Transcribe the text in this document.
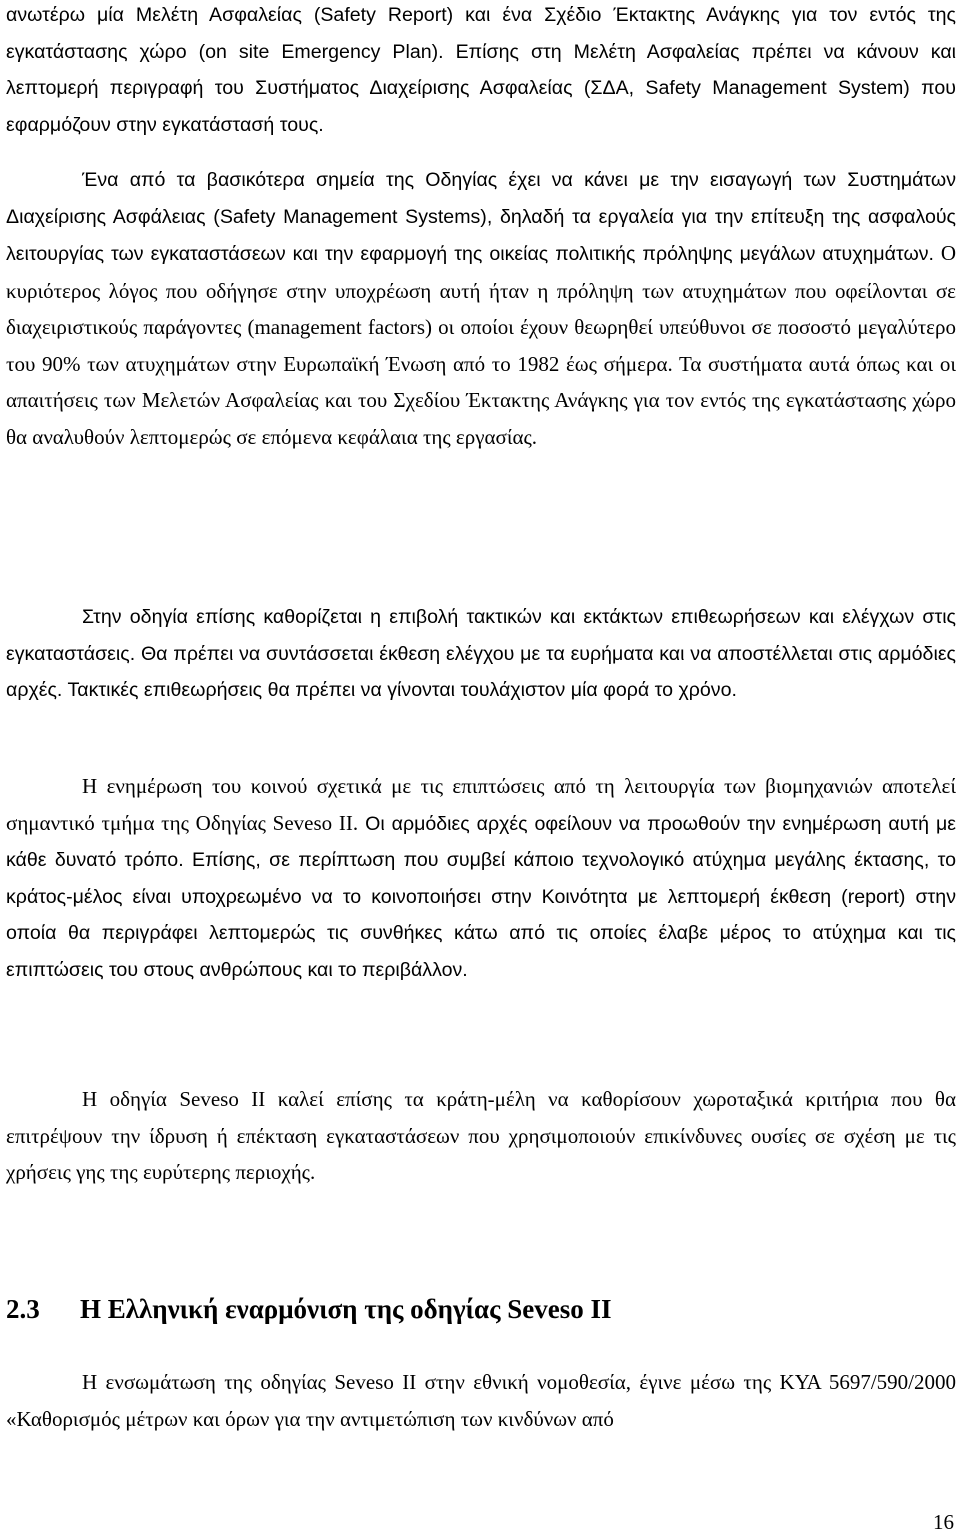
ανωτέρω μία Μελέτη Ασφαλείας (Safety Report) και ένα Σχέδιο Έκτακτης Ανάγκης για τον εντός της εγκατάστασης χώρο (on site Emergency Plan). Επίσης στη Μελέτη Ασφαλείας πρέπει να κάνουν και λεπτομερή περιγραφή του Συστήματος Διαχείρισης Ασφαλείας (ΣΔΑ, Safety Management System) που εφαρμόζουν στην εγκατάστασή τους.

Ένα από τα βασικότερα σημεία της Οδηγίας έχει να κάνει με την εισαγωγή των Συστημάτων Διαχείρισης Ασφάλειας (Safety Management Systems), δηλαδή τα εργαλεία για την επίτευξη της ασφαλούς λειτουργίας των εγκαταστάσεων και την εφαρμογή της οικείας πολιτικής πρόληψης μεγάλων ατυχημάτων. Ο κυριότερος λόγος που οδήγησε στην υποχρέωση αυτή ήταν η πρόληψη των ατυχημάτων που οφείλονται σε διαχειριστικούς παράγοντες (management factors) οι οποίοι έχουν θεωρηθεί υπεύθυνοι σε ποσοστό μεγαλύτερο του 90% των ατυχημάτων στην Ευρωπαϊκή Ένωση από το 1982 έως σήμερα. Τα συστήματα αυτά όπως και οι απαιτήσεις των Μελετών Ασφαλείας και του Σχεδίου Έκτακτης Ανάγκης για τον εντός της εγκατάστασης χώρο θα αναλυθούν λεπτομερώς σε επόμενα κεφάλαια της εργασίας.

Στην οδηγία επίσης καθορίζεται η επιβολή τακτικών και εκτάκτων επιθεωρήσεων και ελέγχων στις εγκαταστάσεις. Θα πρέπει να συντάσσεται έκθεση ελέγχου με τα ευρήματα και να αποστέλλεται στις αρμόδιες αρχές. Τακτικές επιθεωρήσεις θα πρέπει να γίνονται τουλάχιστον μία φορά το χρόνο.

Η ενημέρωση του κοινού σχετικά με τις επιπτώσεις από τη λειτουργία των βιομηχανιών αποτελεί σημαντικό τμήμα της Οδηγίας Seveso II. Οι αρμόδιες αρχές οφείλουν να προωθούν την ενημέρωση αυτή με κάθε δυνατό τρόπο. Επίσης, σε περίπτωση που συμβεί κάποιο τεχνολογικό ατύχημα μεγάλης έκτασης, το κράτος-μέλος είναι υποχρεωμένο να το κοινοποιήσει στην Κοινότητα με λεπτομερή έκθεση (report) στην οποία θα περιγράφει λεπτομερώς τις συνθήκες κάτω από τις οποίες έλαβε μέρος το ατύχημα και τις επιπτώσεις του στους ανθρώπους και το περιβάλλον.

Η οδηγία Seveso II καλεί επίσης τα κράτη-μέλη να καθορίσουν χωροταξικά κριτήρια που θα επιτρέψουν την ίδρυση ή επέκταση εγκαταστάσεων που χρησιμοποιούν επικίνδυνες ουσίες σε σχέση με τις χρήσεις γης της ευρύτερης περιοχής.

2.3 Η Ελληνική εναρμόνιση της οδηγίας Seveso II

Η ενσωμάτωση της οδηγίας Seveso II στην εθνική νομοθεσία, έγινε μέσω της ΚΥΑ 5697/590/2000 «Καθορισμός μέτρων και όρων για την αντιμετώπιση των κινδύνων από

16
